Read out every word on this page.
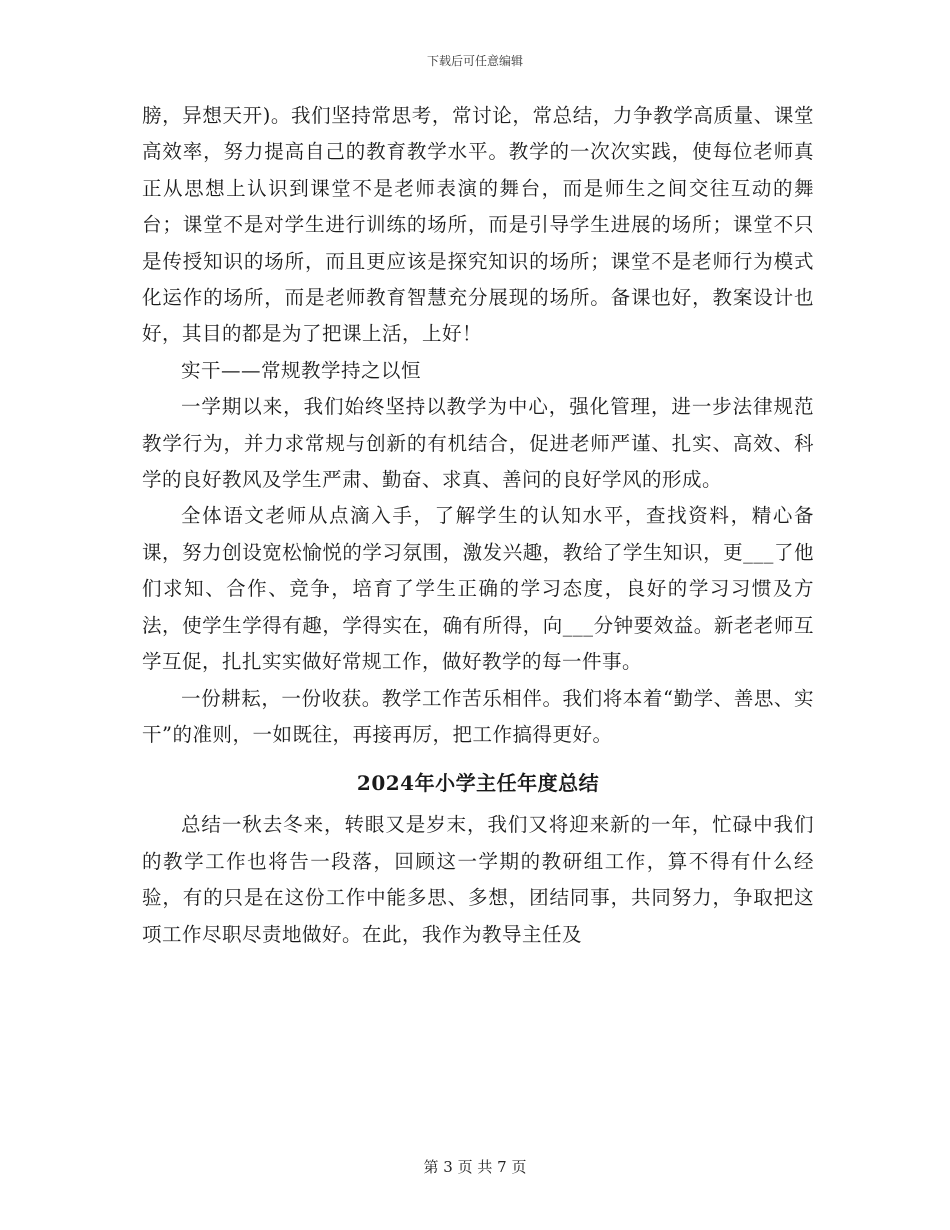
下载后可任意编辑

膀，异想天开)。我们坚持常思考，常讨论，常总结，力争教学高质量、课堂高效率，努力提高自己的教育教学水平。教学的一次次实践，使每位老师真正从思想上认识到课堂不是老师表演的舞台，而是师生之间交往互动的舞台；课堂不是对学生进行训练的场所，而是引导学生进展的场所；课堂不只是传授知识的场所，而且更应该是探究知识的场所；课堂不是老师行为模式化运作的场所，而是老师教育智慧充分展现的场所。备课也好，教案设计也好，其目的都是为了把课上活，上好！

实干——常规教学持之以恒

一学期以来，我们始终坚持以教学为中心，强化管理，进一步法律规范教学行为，并力求常规与创新的有机结合，促进老师严谨、扎实、高效、科学的良好教风及学生严肃、勤奋、求真、善问的良好学风的形成。

全体语文老师从点滴入手，了解学生的认知水平，查找资料，精心备课，努力创设宽松愉悦的学习氛围，激发兴趣，教给了学生知识，更___了他们求知、合作、竞争，培育了学生正确的学习态度，良好的学习习惯及方法，使学生学得有趣，学得实在，确有所得，向___分钟要效益。新老老师互学互促，扎扎实实做好常规工作，做好教学的每一件事。

一份耕耘，一份收获。教学工作苦乐相伴。我们将本着“勤学、善思、实干”的准则，一如既往，再接再厉，把工作搞得更好。

2024年小学主任年度总结

总结一秋去冬来，转眼又是岁末，我们又将迎来新的一年，忙碌中我们的教学工作也将告一段落，回顾这一学期的教研组工作，算不得有什么经验，有的只是在这份工作中能多思、多想，团结同事，共同努力，争取把这项工作尽职尽责地做好。在此，我作为教导主任及

第 3 页 共 7 页
